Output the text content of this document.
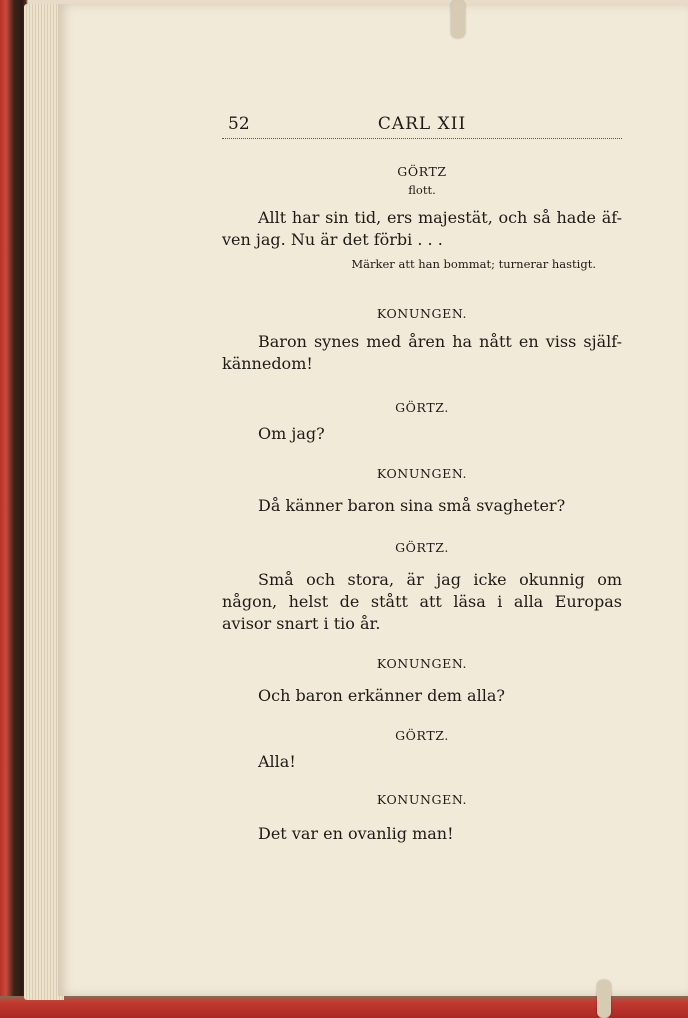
52	CARL XII
GÖRTZ
flott.
Allt har sin tid, ers majestät, och så hade äf- ven jag. Nu är det förbi . . .
Märker att han bommat; turnerar hastigt.
KONUNGEN.
Baron synes med åren ha nått en viss själf- kännedom!
GÖRTZ.
Om jag?
KONUNGEN.
Då känner baron sina små svagheter?
GÖRTZ.
Små och stora, är jag icke okunnig om någon, helst de stått att läsa i alla Europas avisor snart i tio år.
KONUNGEN.
Och baron erkänner dem alla?
GÖRTZ.
Alla!
KONUNGEN.
Det var en ovanlig man!
